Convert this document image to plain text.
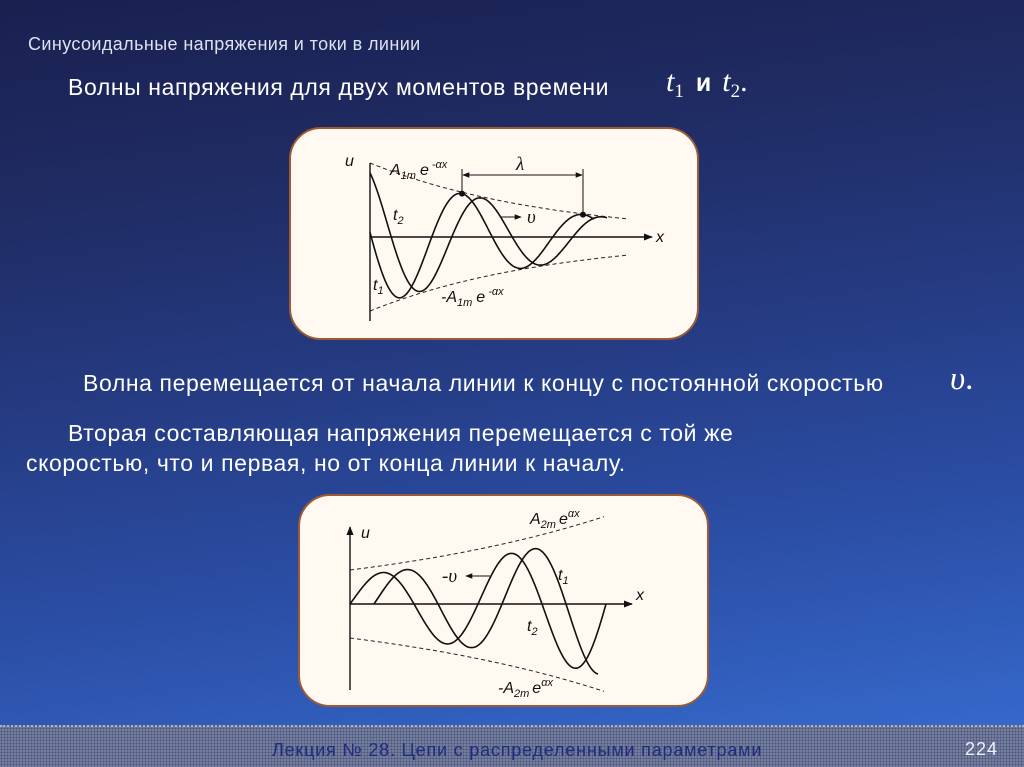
Синусоидальные напряжения и токи в линии
Волны напряжения для двух моментов времени t1 и t2.
λ
υ
u
x
$A_{1m}$ e $^{-\alpha x}$
$-A_{1m}$ e $^{-\alpha x}$
$t_2$
$t_1$
Волна перемещается от начала линии к концу с постоянной скоростью υ.
Вторая составляющая напряжения перемещается с той же
скоростью, что и первая, но от конца линии к началу.
-υ
u
x
$A_{2m}$ $e^{\alpha x}$
$-A_{2m}$ $e^{\alpha x}$
$t_1$
$t_2$
Лекция № 28. Цепи с распределенными параметрами	224
